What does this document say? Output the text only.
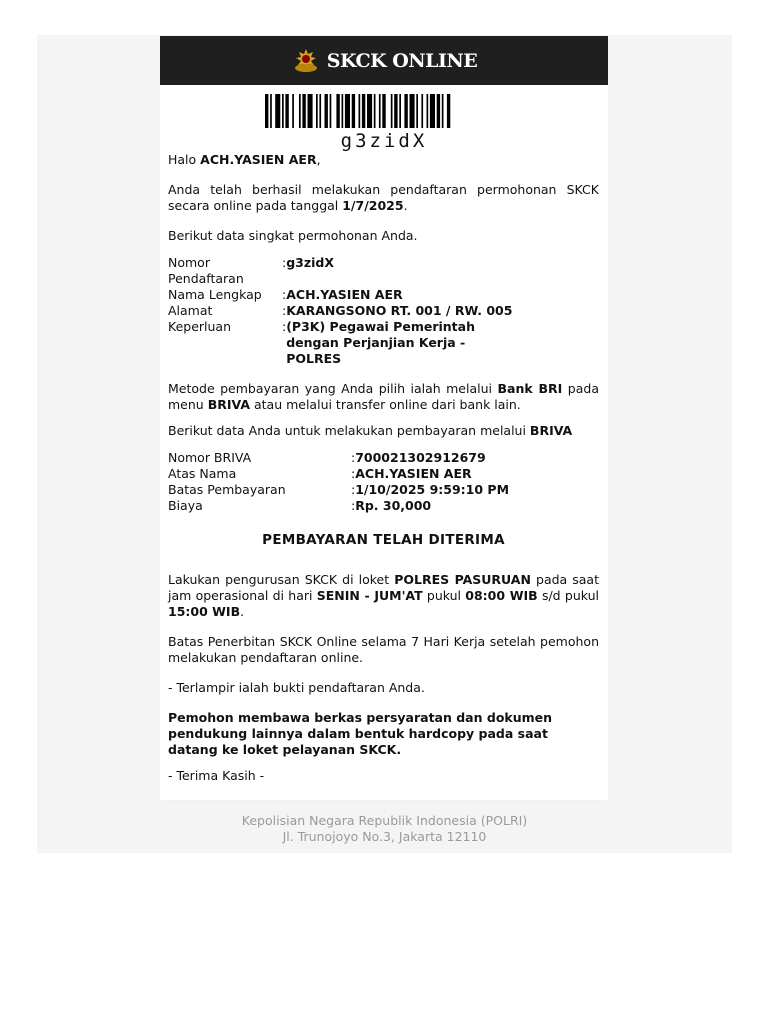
SKCK ONLINE
g3zidX

Halo ACH.YASIEN AER,

Anda telah berhasil melakukan pendaftaran permohonan SKCK secara online pada tanggal 1/7/2025.

Berikut data singkat permohonan Anda.

Nomor Pendaftaran	:	g3zidX
Nama Lengkap	:	ACH.YASIEN AER
Alamat	:	KARANGSONO RT. 001 / RW. 005
Keperluan	:	(P3K) Pegawai Pemerintah dengan Perjanjian Kerja - POLRES

Metode pembayaran yang Anda pilih ialah melalui Bank BRI pada menu BRIVA atau melalui transfer online dari bank lain.

Berikut data Anda untuk melakukan pembayaran melalui BRIVA

Nomor BRIVA	:	700021302912679
Atas Nama	:	ACH.YASIEN AER
Batas Pembayaran	:	1/10/2025 9:59:10 PM
Biaya	:	Rp. 30,000
PEMBAYARAN TELAH DITERIMA

Lakukan pengurusan SKCK di loket POLRES PASURUAN pada saat jam operasional di hari SENIN - JUM'AT pukul 08:00 WIB s/d pukul 15:00 WIB.

Batas Penerbitan SKCK Online selama 7 Hari Kerja setelah pemohon melakukan pendaftaran online.

- Terlampir ialah bukti pendaftaran Anda.

Pemohon membawa berkas persyaratan dan dokumen pendukung lainnya dalam bentuk hardcopy pada saat datang ke loket pelayanan SKCK.

- Terima Kasih -

Kepolisian Negara Republik Indonesia (POLRI)
Jl. Trunojoyo No.3, Jakarta 12110
